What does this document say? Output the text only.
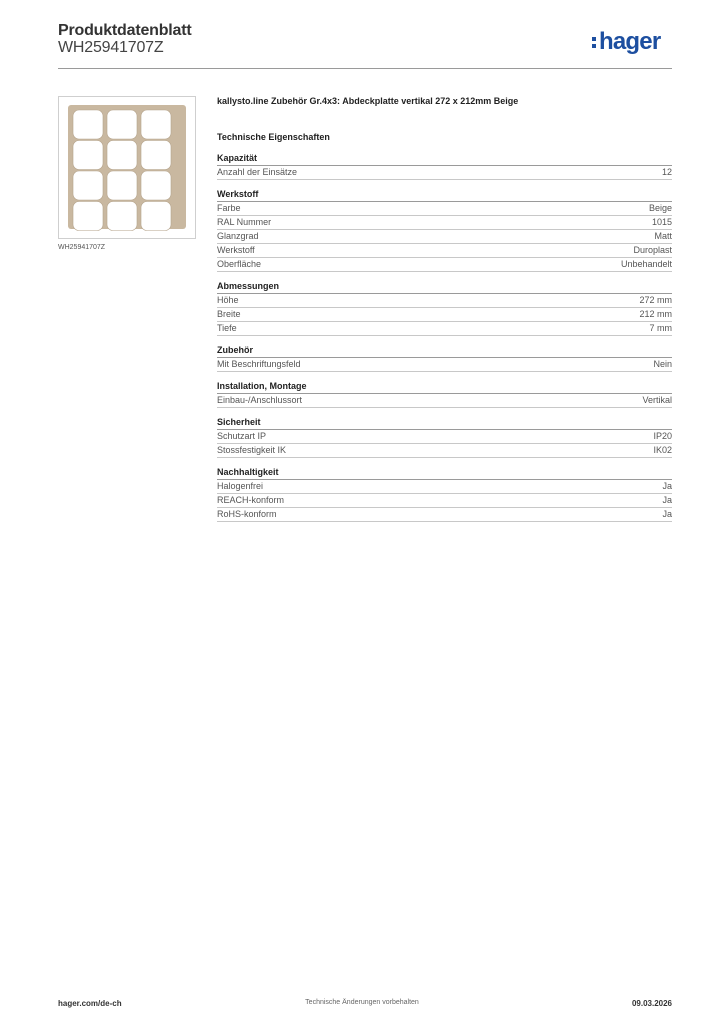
Produktdatenblatt
WH25941707Z	hager
WH25941707Z
kallysto.line Zubehör Gr.4x3: Abdeckplatte vertikal 272 x 212mm Beige
Technische Eigenschaften
Kapazität
Anzahl der Einsätze	12
Werkstoff
Farbe	Beige
RAL Nummer	1015
Glanzgrad	Matt
Werkstoff	Duroplast
Oberfläche	Unbehandelt
Abmessungen
Höhe	272 mm
Breite	212 mm
Tiefe	7 mm
Zubehör
Mit Beschriftungsfeld	Nein
Installation, Montage
Einbau-/Anschlussort	Vertikal
Sicherheit
Schutzart IP	IP20
Stossfestigkeit IK	IK02
Nachhaltigkeit
Halogenfrei	Ja
REACH-konform	Ja
RoHS-konform	Ja
hager.com/de-ch	Technische Änderungen vorbehalten	09.03.2026
